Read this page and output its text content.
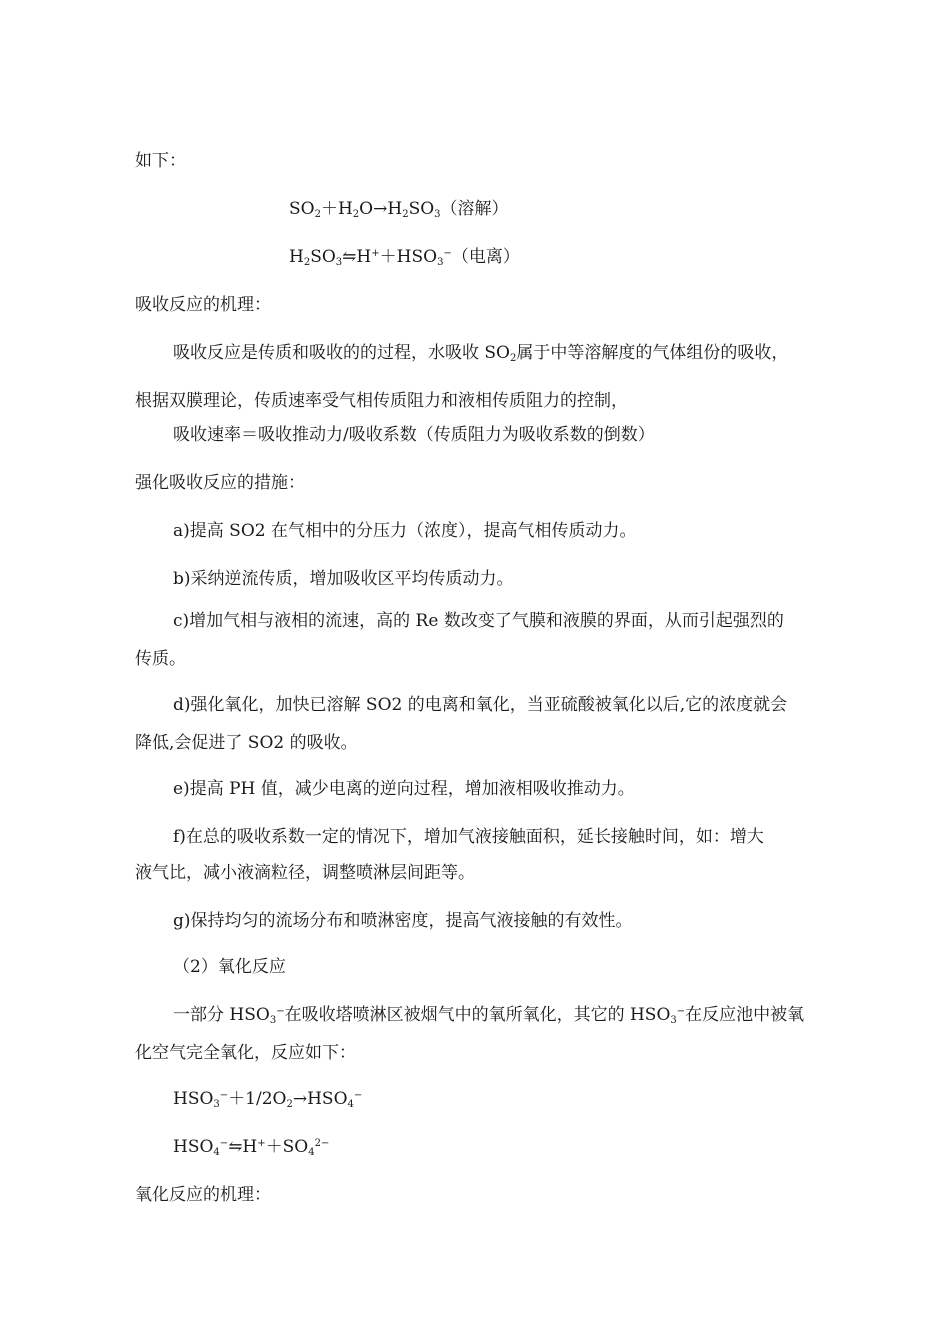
如下：
$SO_2+H_2O\to H_2SO_3$（溶解）
$H_2SO_3⇋H^++HSO_3^-$（电离）
吸收反应的机理：
吸收反应是传质和吸收的的过程，水吸收 $SO_2$属于中等溶解度的气体组份的吸收，
根据双膜理论，传质速率受气相传质阻力和液相传质阻力的控制，
吸收速率＝吸收推动力/吸收系数（传质阻力为吸收系数的倒数）
强化吸收反应的措施：
a)提高 SO2 在气相中的分压力（浓度），提高气相传质动力。
b)采纳逆流传质，增加吸收区平均传质动力。
c)增加气相与液相的流速，高的 Re 数改变了气膜和液膜的界面，从而引起强烈的
传质。
d)强化氧化，加快已溶解 SO2 的电离和氧化，当亚硫酸被氧化以后,它的浓度就会
降低,会促进了 SO2 的吸收。
e)提高 PH 值，减少电离的逆向过程，增加液相吸收推动力。
f)在总的吸收系数一定的情况下，增加气液接触面积，延长接触时间，如：增大
液气比，减小液滴粒径，调整喷淋层间距等。
g)保持均匀的流场分布和喷淋密度，提高气液接触的有效性。
（2）氧化反应
一部分 $HSO_3^-$在吸收塔喷淋区被烟气中的氧所氧化，其它的 $HSO_3^-$在反应池中被氧
化空气完全氧化，反应如下：
$HSO_3^-+1/2O_2\to HSO_4^-$
$HSO_4^-⇋H^++SO_4^{2-}$
氧化反应的机理：
